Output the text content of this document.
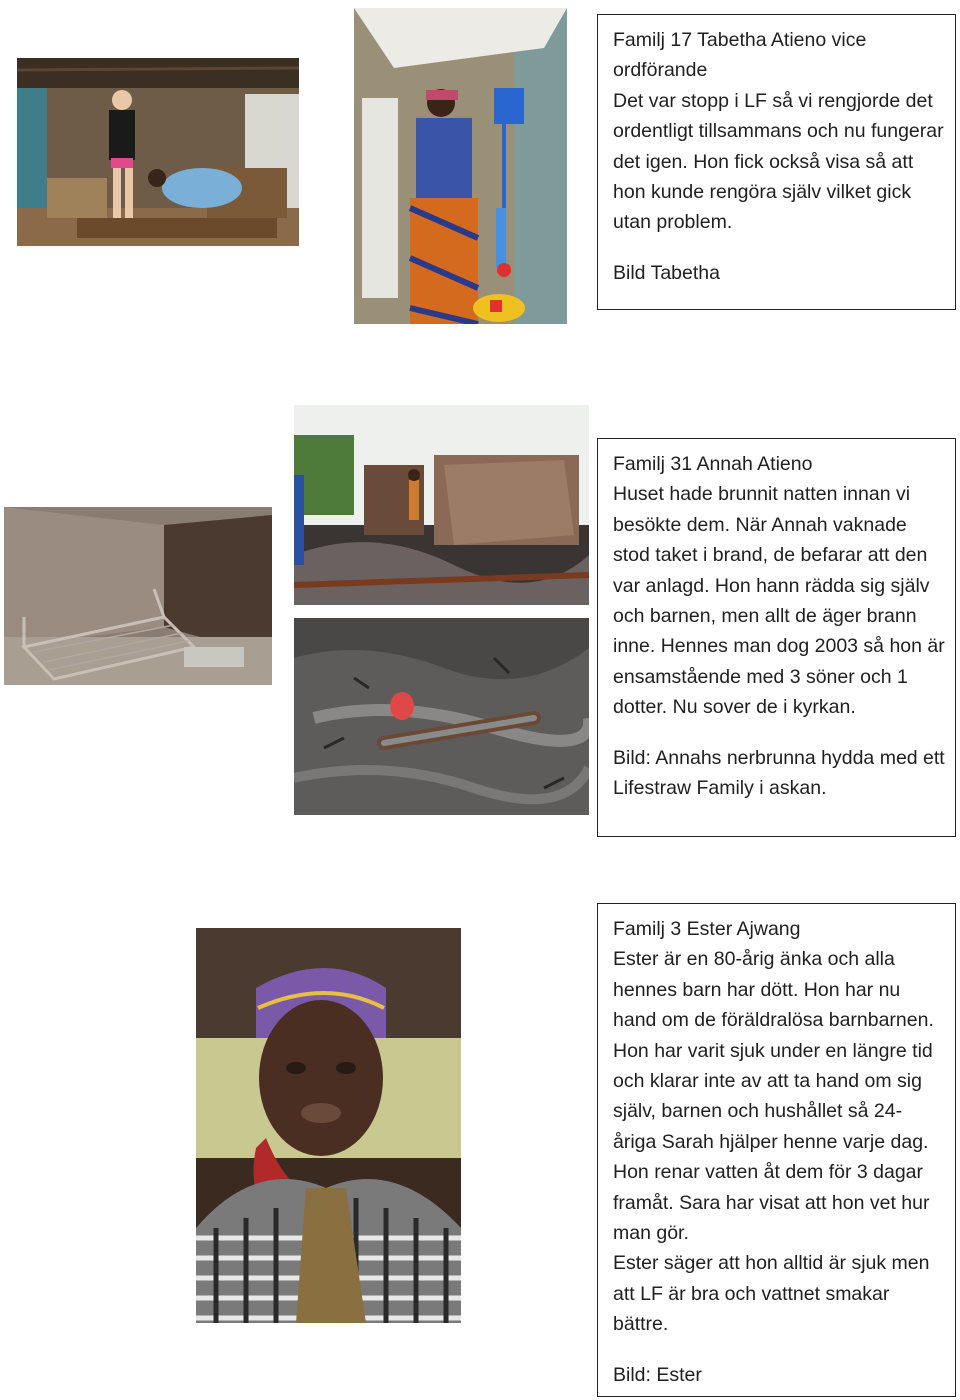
Familj 17 Tabetha Atieno vice ordförande

Det var stopp i LF så vi rengjorde det ordentligt tillsammans och nu fungerar det igen. Hon fick också visa så att hon kunde rengöra själv vilket gick utan problem.

Bild Tabetha

Familj 31 Annah Atieno

Huset hade brunnit natten innan vi besökte dem. När Annah vaknade stod taket i brand, de befarar att den var anlagd. Hon hann rädda sig själv och barnen, men allt de äger brann inne. Hennes man dog 2003 så hon är ensamstående med 3 söner och 1 dotter. Nu sover de i kyrkan.

Bild: Annahs nerbrunna hydda med ett Lifestraw Family i askan.

Familj 3 Ester Ajwang

Ester är en 80-årig änka och alla hennes barn har dött. Hon har nu hand om de föräldralösa barnbarnen. Hon har varit sjuk under en längre tid och klarar inte av att ta hand om sig själv, barnen och hushållet så 24-åriga Sarah hjälper henne varje dag. Hon renar vatten åt dem för 3 dagar framåt. Sara har visat att hon vet hur man gör.

Ester säger att hon alltid är sjuk men att LF är bra och vattnet smakar bättre.

Bild: Ester
